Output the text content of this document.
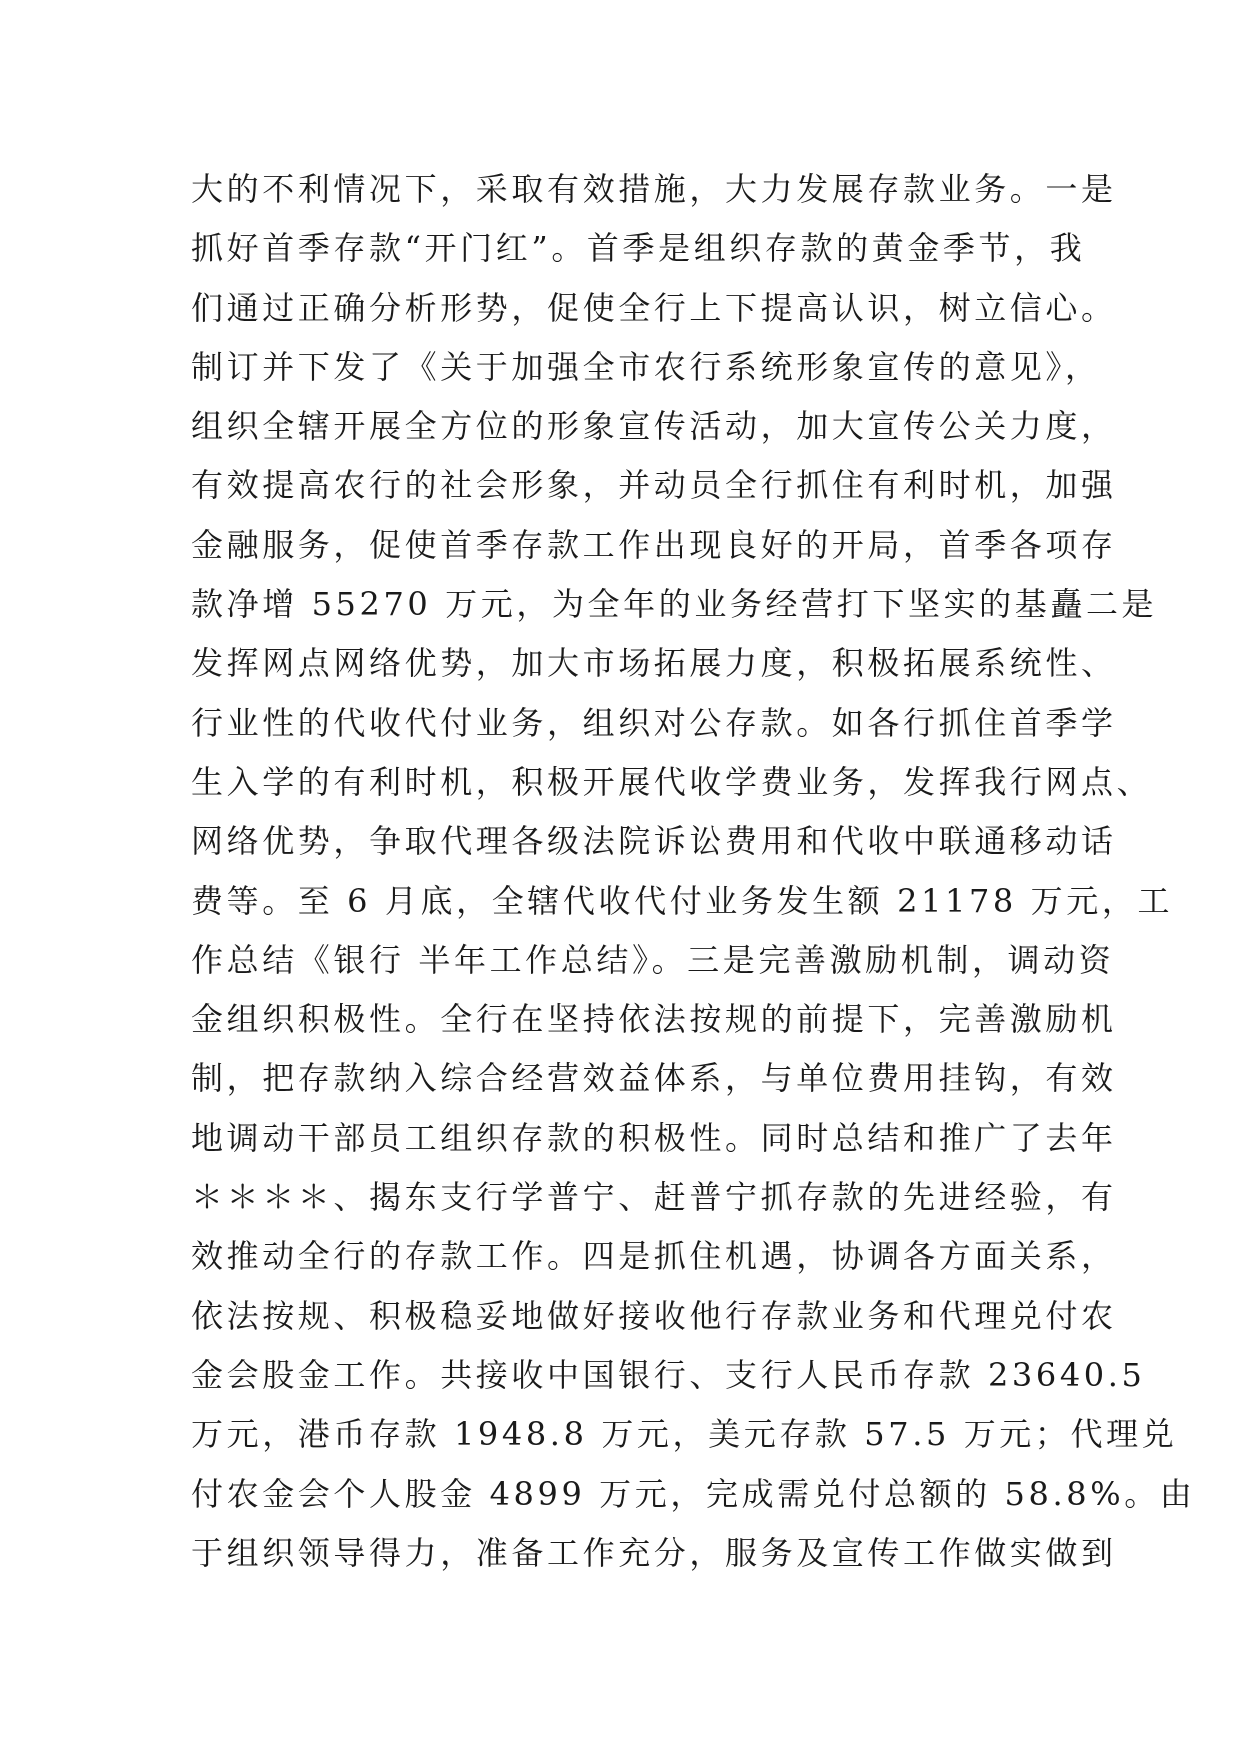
大的不利情况下，采取有效措施，大力发展存款业务。一是
抓好首季存款“开门红”。首季是组织存款的黄金季节，我
们通过正确分析形势，促使全行上下提高认识，树立信心。
制订并下发了《关于加强全市农行系统形象宣传的意见》，
组织全辖开展全方位的形象宣传活动，加大宣传公关力度，
有效提高农行的社会形象，并动员全行抓住有利时机，加强
金融服务，促使首季存款工作出现良好的开局，首季各项存
款净增 55270 万元，为全年的业务经营打下坚实的基矗二是
发挥网点网络优势，加大市场拓展力度，积极拓展系统性、
行业性的代收代付业务，组织对公存款。如各行抓住首季学
生入学的有利时机，积极开展代收学费业务，发挥我行网点、
网络优势，争取代理各级法院诉讼费用和代收中联通移动话
费等。至 6 月底，全辖代收代付业务发生额 21178 万元，工
作总结《银行 半年工作总结》。三是完善激励机制，调动资
金组织积极性。全行在坚持依法按规的前提下，完善激励机
制，把存款纳入综合经营效益体系，与单位费用挂钩，有效
地调动干部员工组织存款的积极性。同时总结和推广了去年
＊＊＊＊、揭东支行学普宁、赶普宁抓存款的先进经验，有
效推动全行的存款工作。四是抓住机遇，协调各方面关系，
依法按规、积极稳妥地做好接收他行存款业务和代理兑付农
金会股金工作。共接收中国银行、支行人民币存款 23640.5
万元，港币存款 1948.8 万元，美元存款 57.5 万元；代理兑
付农金会个人股金 4899 万元，完成需兑付总额的 58.8%。由
于组织领导得力，准备工作充分，服务及宣传工作做实做到
